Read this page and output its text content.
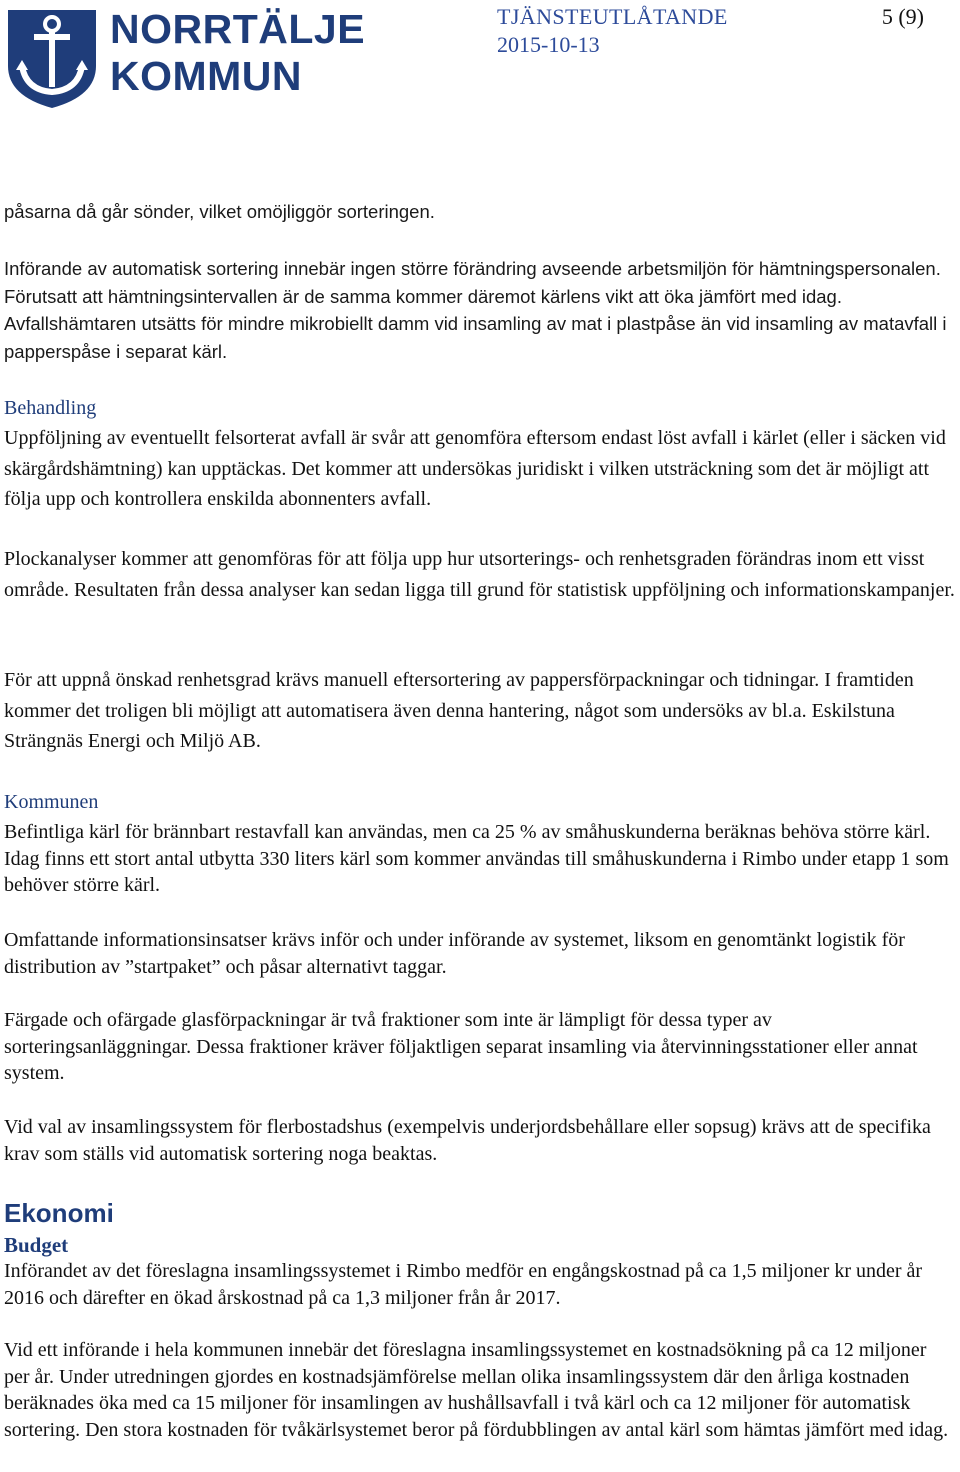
NORRTÄLJE
KOMMUN
TJÄNSTEUTLÅTANDE
2015-10-13
5 (9)

påsarna då går sönder, vilket omöjliggör sorteringen.

Införande av automatisk sortering innebär ingen större förändring avseende arbetsmiljön för hämtningspersonalen. Förutsatt att hämtningsintervallen är de samma kommer däremot kärlens vikt att öka jämfört med idag. Avfallshämtaren utsätts för mindre mikrobiellt damm vid insamling av mat i plastpåse än vid insamling av matavfall i papperspåse i separat kärl.

Behandling

Uppföljning av eventuellt felsorterat avfall är svår att genomföra eftersom endast löst avfall i kärlet (eller i säcken vid skärgårdshämtning) kan upptäckas. Det kommer att undersökas juridiskt i vilken utsträckning som det är möjligt att följa upp och kontrollera enskilda abonnenters avfall.

Plockanalyser kommer att genomföras för att följa upp hur utsorterings- och renhetsgraden förändras inom ett visst område. Resultaten från dessa analyser kan sedan ligga till grund för statistisk uppföljning och informationskampanjer.

För att uppnå önskad renhetsgrad krävs manuell eftersortering av pappersförpackningar och tidningar. I framtiden kommer det troligen bli möjligt att automatisera även denna hantering, något som undersöks av bl.a. Eskilstuna Strängnäs Energi och Miljö AB.

Kommunen

Befintliga kärl för brännbart restavfall kan användas, men ca 25 % av småhuskunderna beräknas behöva större kärl. Idag finns ett stort antal utbytta 330 liters kärl som kommer användas till småhuskunderna i Rimbo under etapp 1 som behöver större kärl.

Omfattande informationsinsatser krävs inför och under införande av systemet, liksom en genomtänkt logistik för distribution av ”startpaket” och påsar alternativt taggar.

Färgade och ofärgade glasförpackningar är två fraktioner som inte är lämpligt för dessa typer av sorteringsanläggningar. Dessa fraktioner kräver följaktligen separat insamling via återvinningsstationer eller annat system.

Vid val av insamlingssystem för flerbostadshus (exempelvis underjordsbehållare eller sopsug) krävs att de specifika krav som ställs vid automatisk sortering noga beaktas.

Ekonomi
Budget

Införandet av det föreslagna insamlingssystemet i Rimbo medför en engångskostnad på ca 1,5 miljoner kr under år 2016 och därefter en ökad årskostnad på ca 1,3 miljoner från år 2017.

Vid ett införande i hela kommunen innebär det föreslagna insamlingssystemet en kostnadsökning på ca 12 miljoner per år. Under utredningen gjordes en kostnadsjämförelse mellan olika insamlingssystem där den årliga kostnaden beräknades öka med ca 15 miljoner för insamlingen av hushållsavfall i två kärl och ca 12 miljoner för automatisk sortering. Den stora kostnaden för tvåkärlsystemet beror på fördubblingen av antal kärl som hämtas jämfört med idag.
